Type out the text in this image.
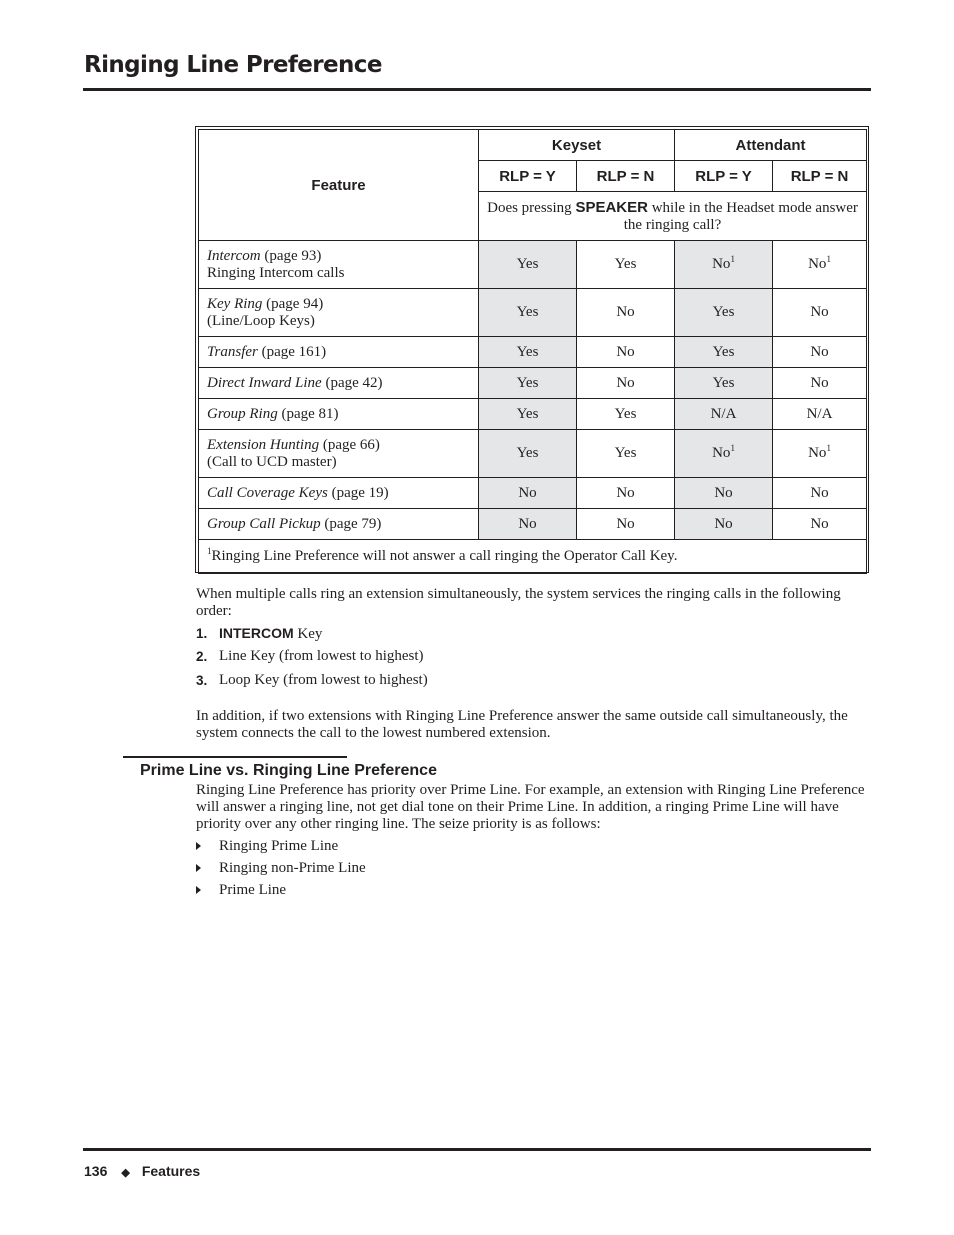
Ringing Line Preference
Feature	Keyset		Attendant	
	RLP = Y	RLP = N	RLP = Y	RLP = N
	Does pressing SPEAKER while in the Headset mode answer the ringing call?			
Intercom (page 93)
Ringing Intercom calls	Yes	Yes	No$^1$	No$^1$
Key Ring (page 94)
(Line/Loop Keys)	Yes	No	Yes	No
Transfer (page 161)	Yes	No	Yes	No
Direct Inward Line (page 42)	Yes	No	Yes	No
Group Ring (page 81)	Yes	Yes	N/A	N/A
Extension Hunting (page 66)
(Call to UCD master)	Yes	Yes	No$^1$	No$^1$
Call Coverage Keys (page 19)	No	No	No	No
Group Call Pickup (page 79)	No	No	No	No
$^1$Ringing Line Preference will not answer a call ringing the Operator Call Key.				

When multiple calls ring an extension simultaneously, the system services the ringing calls in the following order:

1. INTERCOM Key
2. Line Key (from lowest to highest)
3. Loop Key (from lowest to highest)

In addition, if two extensions with Ringing Line Preference answer the same outside call simultaneously, the system connects the call to the lowest numbered extension.

Prime Line vs. Ringing Line Preference

Ringing Line Preference has priority over Prime Line. For example, an extension with Ringing Line Preference will answer a ringing line, not get dial tone on their Prime Line. In addition, a ringing Prime Line will have priority over any other ringing line. The seize priority is as follows:

Ringing Prime Line
Ringing non-Prime Line
Prime Line
136 ◆ Features
